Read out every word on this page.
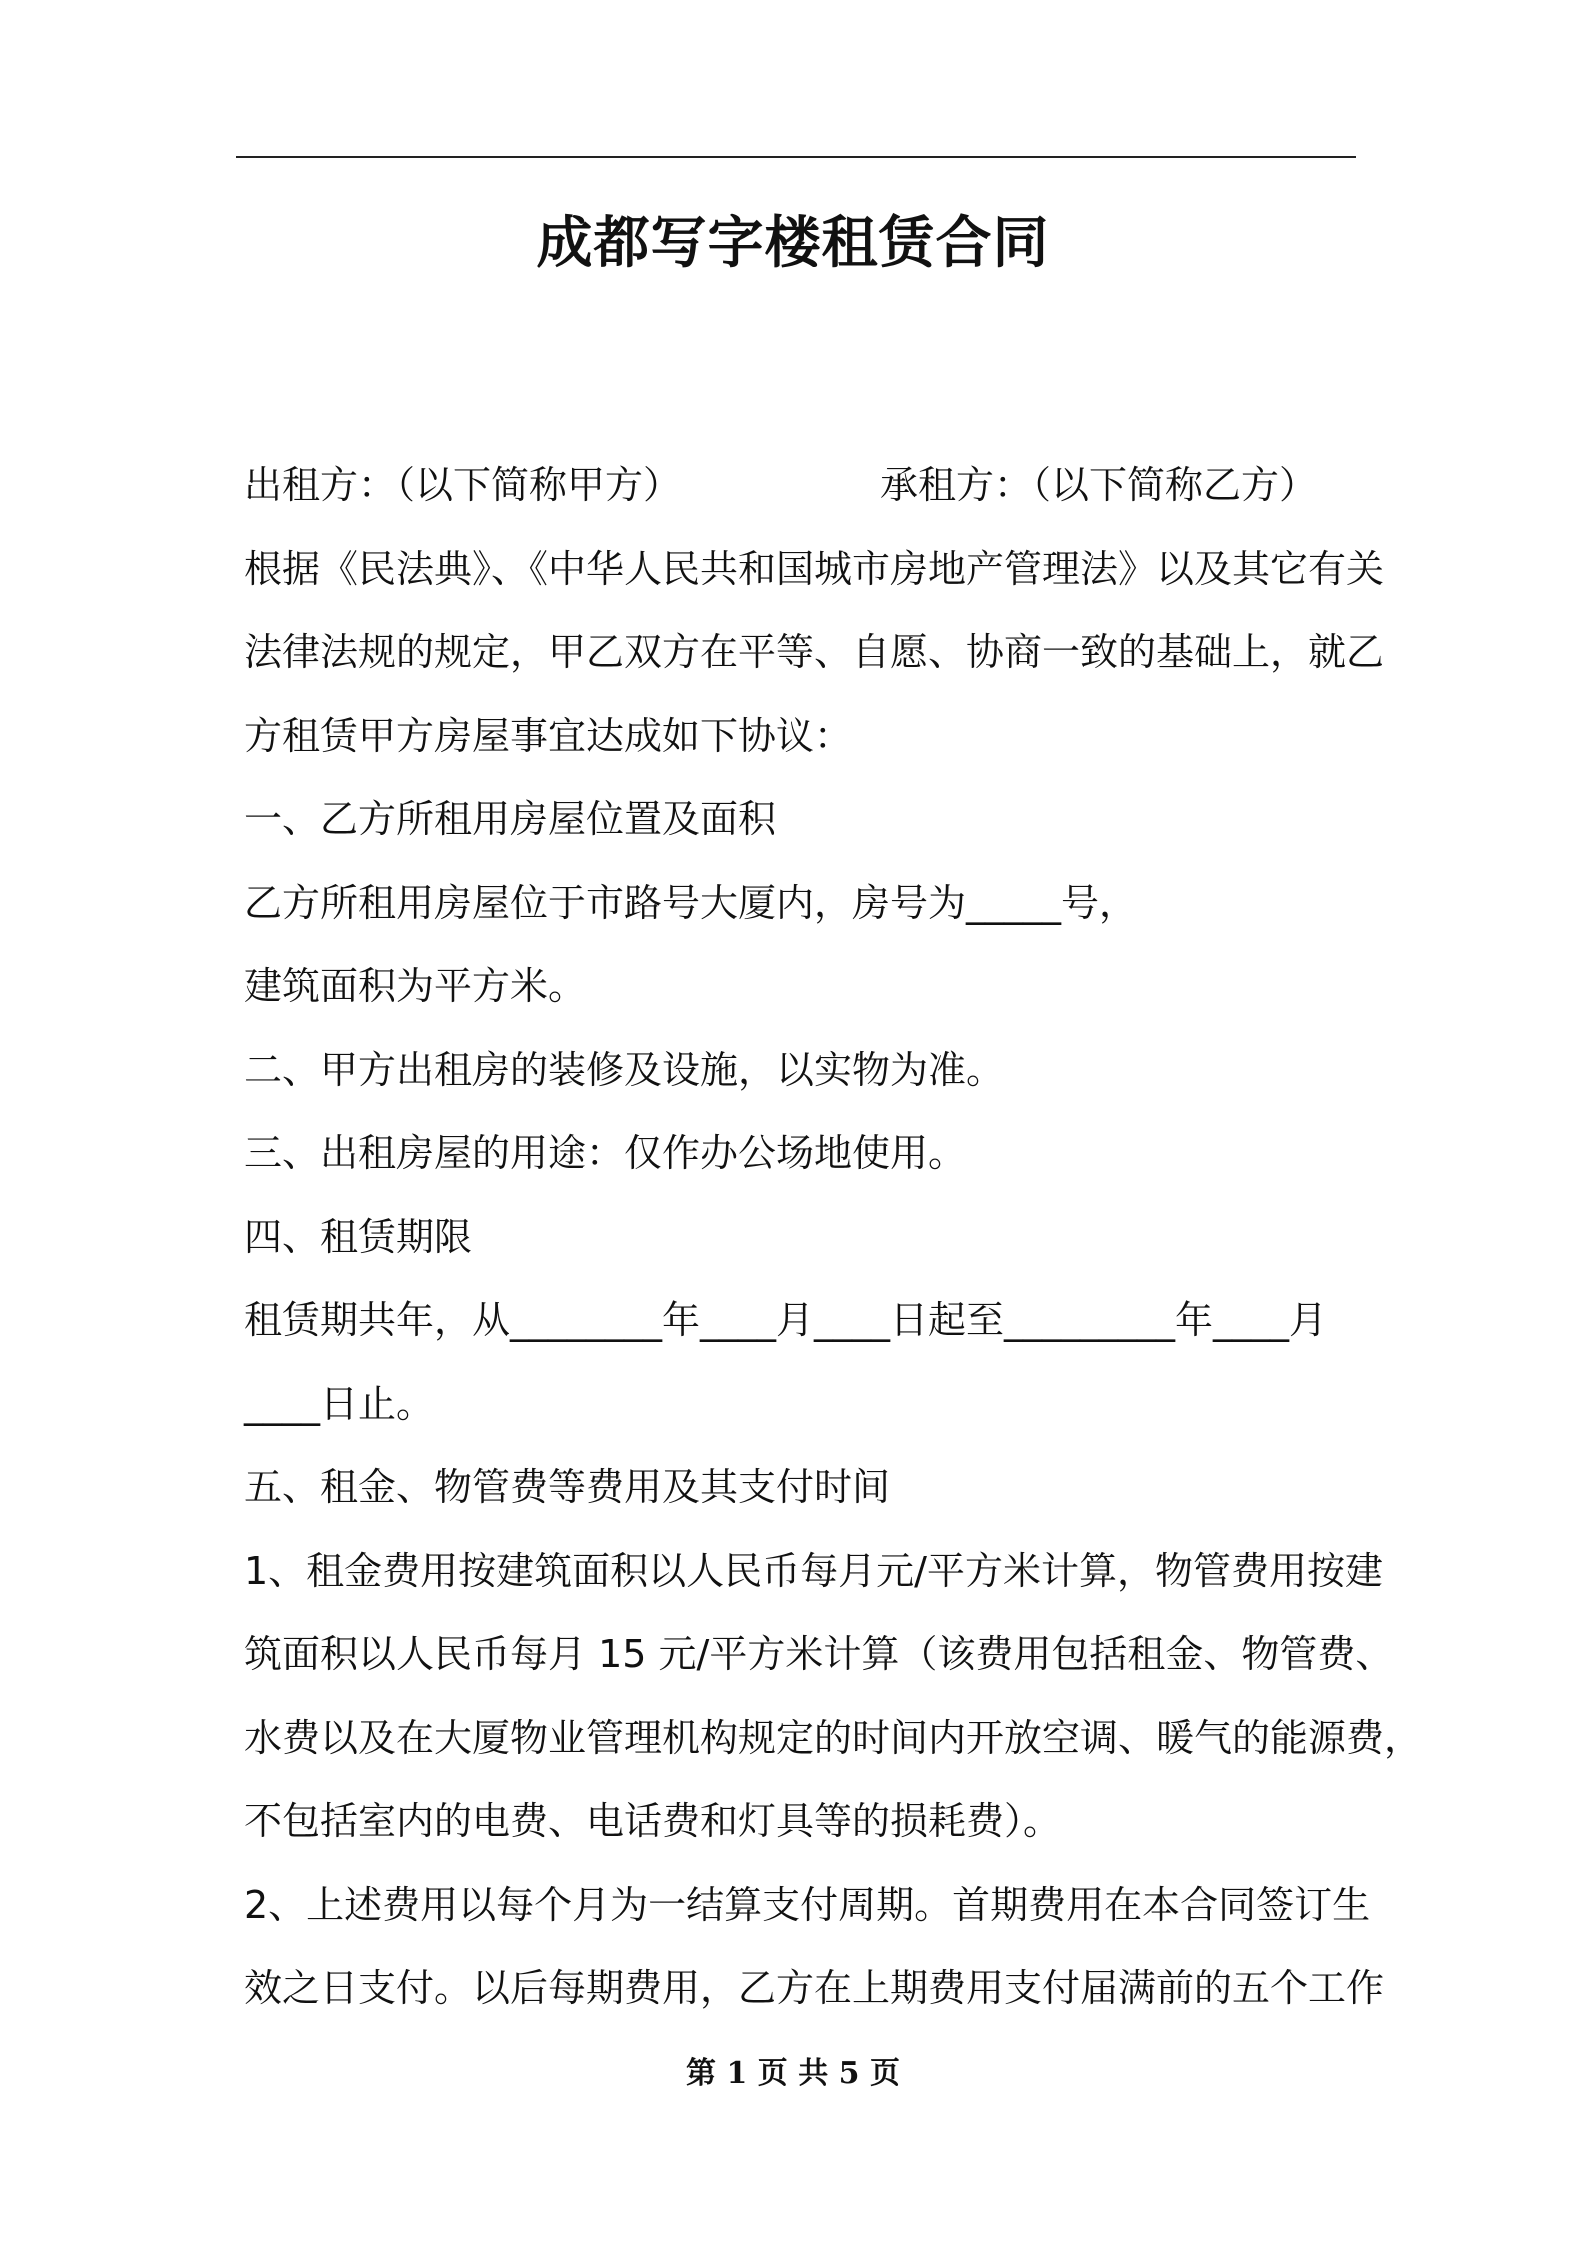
成都写字楼租赁合同
出租方：（以下简称甲方）	承租方：（以下简称乙方）
根据《民法典》、《中华人民共和国城市房地产管理法》以及其它有关
法律法规的规定，甲乙双方在平等、自愿、协商一致的基础上，就乙
方租赁甲方房屋事宜达成如下协议：
一、乙方所租用房屋位置及面积
乙方所租用房屋位于市路号大厦内，房号为_____号，
建筑面积为平方米。
二、甲方出租房的装修及设施，以实物为准。
三、出租房屋的用途：仅作办公场地使用。
四、租赁期限
租赁期共年，从________年____月____日起至_________年____月
____日止。
五、租金、物管费等费用及其支付时间
1、租金费用按建筑面积以人民币每月元/平方米计算，物管费用按建
筑面积以人民币每月 15 元/平方米计算（该费用包括租金、物管费、
水费以及在大厦物业管理机构规定的时间内开放空调、暖气的能源费，
不包括室内的电费、电话费和灯具等的损耗费）。
2、上述费用以每个月为一结算支付周期。首期费用在本合同签订生
效之日支付。以后每期费用，乙方在上期费用支付届满前的五个工作
第 1 页 共 5 页
